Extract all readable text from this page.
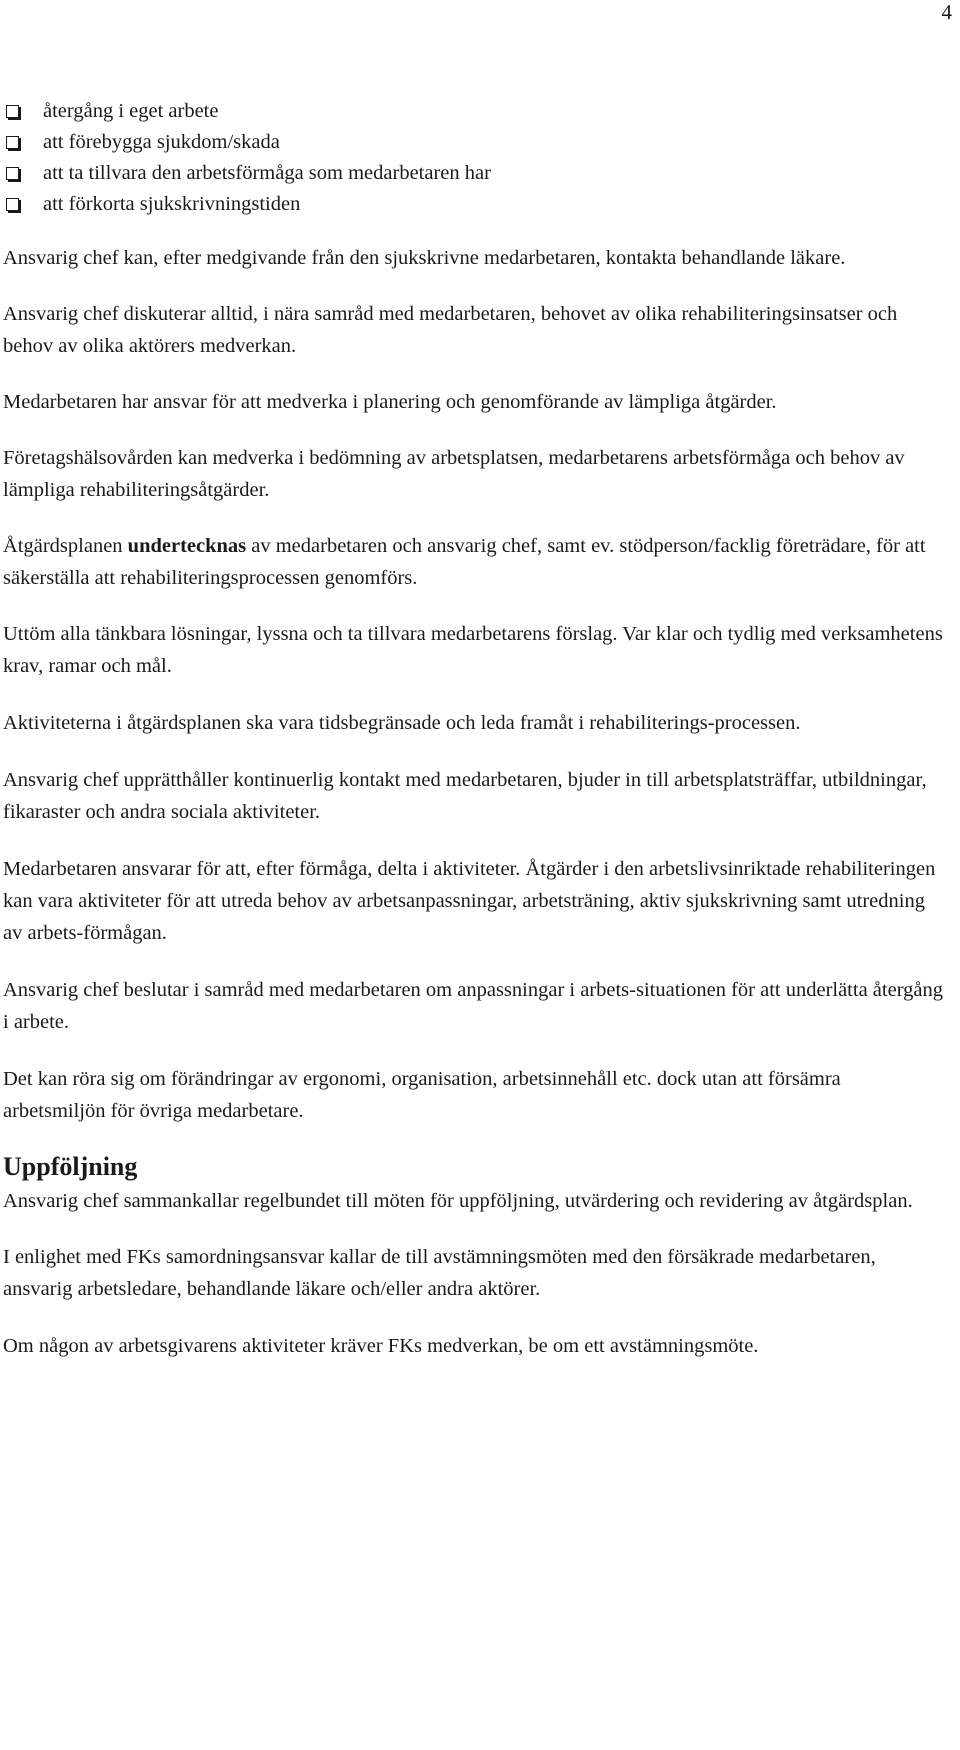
4
återgång i eget arbete
att förebygga sjukdom/skada
att ta tillvara den arbetsförmåga som medarbetaren har
att förkorta sjukskrivningstiden

Ansvarig chef kan, efter medgivande från den sjukskrivne medarbetaren, kontakta behandlande läkare.

Ansvarig chef diskuterar alltid, i nära samråd med medarbetaren, behovet av olika rehabiliteringsinsatser och behov av olika aktörers medverkan.

Medarbetaren har ansvar för att medverka i planering och genomförande av lämpliga åtgärder.

Företagshälsovården kan medverka i bedömning av arbetsplatsen, medarbetarens arbetsförmåga och behov av lämpliga rehabiliteringsåtgärder.

Åtgärdsplanen undertecknas av medarbetaren och ansvarig chef, samt ev. stödperson/facklig företrädare, för att säkerställa att rehabiliteringsprocessen genomförs.

Uttöm alla tänkbara lösningar, lyssna och ta tillvara medarbetarens förslag. Var klar och tydlig med verksamhetens krav, ramar och mål.

Aktiviteterna i åtgärdsplanen ska vara tidsbegränsade och leda framåt i rehabiliterings-processen.

Ansvarig chef upprätthåller kontinuerlig kontakt med medarbetaren, bjuder in till arbetsplatsträffar, utbildningar, fikaraster och andra sociala aktiviteter.

Medarbetaren ansvarar för att, efter förmåga, delta i aktiviteter. Åtgärder i den arbetslivsinriktade rehabiliteringen kan vara aktiviteter för att utreda behov av arbetsanpassningar, arbetsträning, aktiv sjukskrivning samt utredning av arbets-förmågan.

Ansvarig chef beslutar i samråd med medarbetaren om anpassningar i arbets-situationen för att underlätta återgång i arbete.

Det kan röra sig om förändringar av ergonomi, organisation, arbetsinnehåll etc. dock utan att försämra arbetsmiljön för övriga medarbetare.

Uppföljning

Ansvarig chef sammankallar regelbundet till möten för uppföljning, utvärdering och revidering av åtgärdsplan.

I enlighet med FKs samordningsansvar kallar de till avstämningsmöten med den försäkrade medarbetaren, ansvarig arbetsledare, behandlande läkare och/eller andra aktörer.

Om någon av arbetsgivarens aktiviteter kräver FKs medverkan, be om ett avstämningsmöte.
